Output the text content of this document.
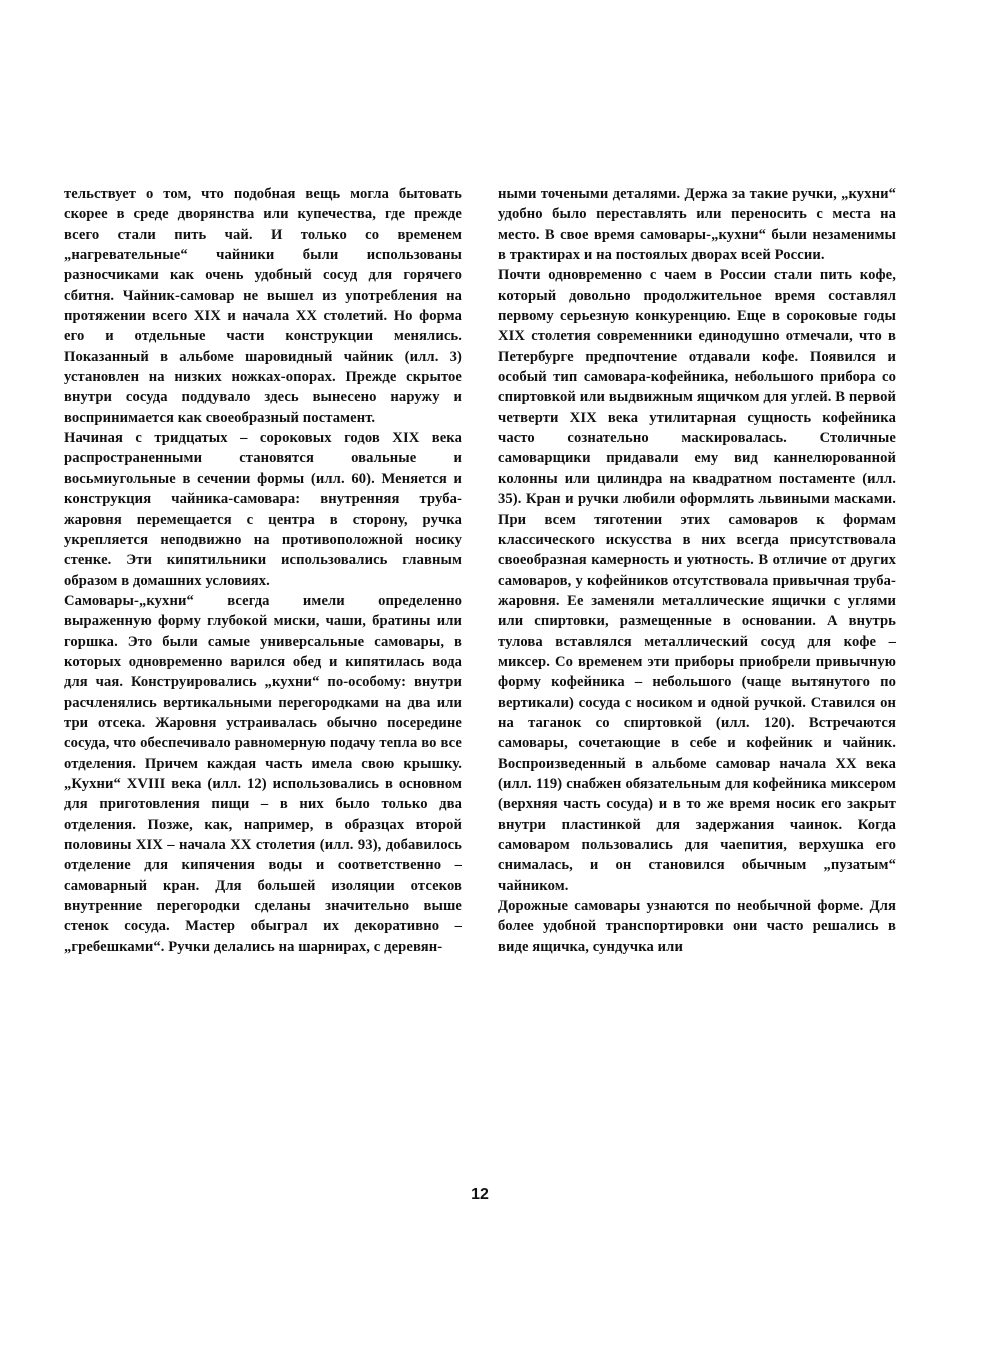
тельствует о том, что подобная вещь могла бытовать скорее в среде дворянства или купечества, где прежде всего стали пить чай. И только со временем „нагревательные“ чайники были использованы разносчиками как очень удобный сосуд для горячего сбитня. Чайник-самовар не вышел из употребления на протяжении всего XIX и начала XX столетий. Но форма его и отдельные части конструкции менялись. Показанный в альбоме шаровидный чайник (илл. 3) установлен на низких ножках-опорах. Прежде скрытое внутри сосуда поддувало здесь вынесено наружу и воспринимается как своеобразный постамент.

Начиная с тридцатых – сороковых годов XIX века распространенными становятся овальные и восьмиугольные в сечении формы (илл. 60). Меняется и конструкция чайника-самовара: внутренняя труба-жаровня перемещается с центра в сторону, ручка укрепляется неподвижно на противоположной носику стенке. Эти кипятильники использовались главным образом в домашних условиях.

Самовары-„кухни“ всегда имели определенно выраженную форму глубокой миски, чаши, братины или горшка. Это были самые универсальные самовары, в которых одновременно варился обед и кипятилась вода для чая. Конструировались „кухни“ по-особому: внутри расчленялись вертикальными перегородками на два или три отсека. Жаровня устраивалась обычно посередине сосуда, что обеспечивало равномерную подачу тепла во все отделения. Причем каждая часть имела свою крышку. „Кухни“ XVIII века (илл. 12) использовались в основном для приготовления пищи – в них было только два отделения. Позже, как, например, в образцах второй половины XIX – начала XX столетия (илл. 93), добавилось отделение для кипячения воды и соответственно – самоварный кран. Для большей изоляции отсеков внутренние перегородки сделаны значительно выше стенок сосуда. Мастер обыграл их декоративно – „гребешками“. Ручки делались на шарнирах, с деревян-

ными точеными деталями. Держа за такие ручки, „кухни“ удобно было переставлять или переносить с места на место. В свое время самовары-„кухни“ были незаменимы в трактирах и на постоялых дворах всей России.

Почти одновременно с чаем в России стали пить кофе, который довольно продолжительное время составлял первому серьезную конкуренцию. Еще в сороковые годы XIX столетия современники единодушно отмечали, что в Петербурге предпочтение отдавали кофе. Появился и особый тип самовара-кофейника, небольшого прибора со спиртовкой или выдвижным ящичком для углей. В первой четверти XIX века утилитарная сущность кофейника часто сознательно маскировалась. Столичные самоварщики придавали ему вид каннелюрованной колонны или цилиндра на квадратном постаменте (илл. 35). Кран и ручки любили оформлять львиными масками. При всем тяготении этих самоваров к формам классического искусства в них всегда присутствовала своеобразная камерность и уютность. В отличие от других самоваров, у кофейников отсутствовала привычная труба-жаровня. Ее заменяли металлические ящички с углями или спиртовки, размещенные в основании. А внутрь тулова вставлялся металлический сосуд для кофе – миксер. Со временем эти приборы приобрели привычную форму кофейника – небольшого (чаще вытянутого по вертикали) сосуда с носиком и одной ручкой. Ставился он на таганок со спиртовкой (илл. 120). Встречаются самовары, сочетающие в себе и кофейник и чайник. Воспроизведенный в альбоме самовар начала XX века (илл. 119) снабжен обязательным для кофейника миксером (верхняя часть сосуда) и в то же время носик его закрыт внутри пластинкой для задержания чаинок. Когда самоваром пользовались для чаепития, верхушка его снималась, и он становился обычным „пузатым“ чайником.

Дорожные самовары узнаются по необычной форме. Для более удобной транспортировки они часто решались в виде ящичка, сундучка или

12
